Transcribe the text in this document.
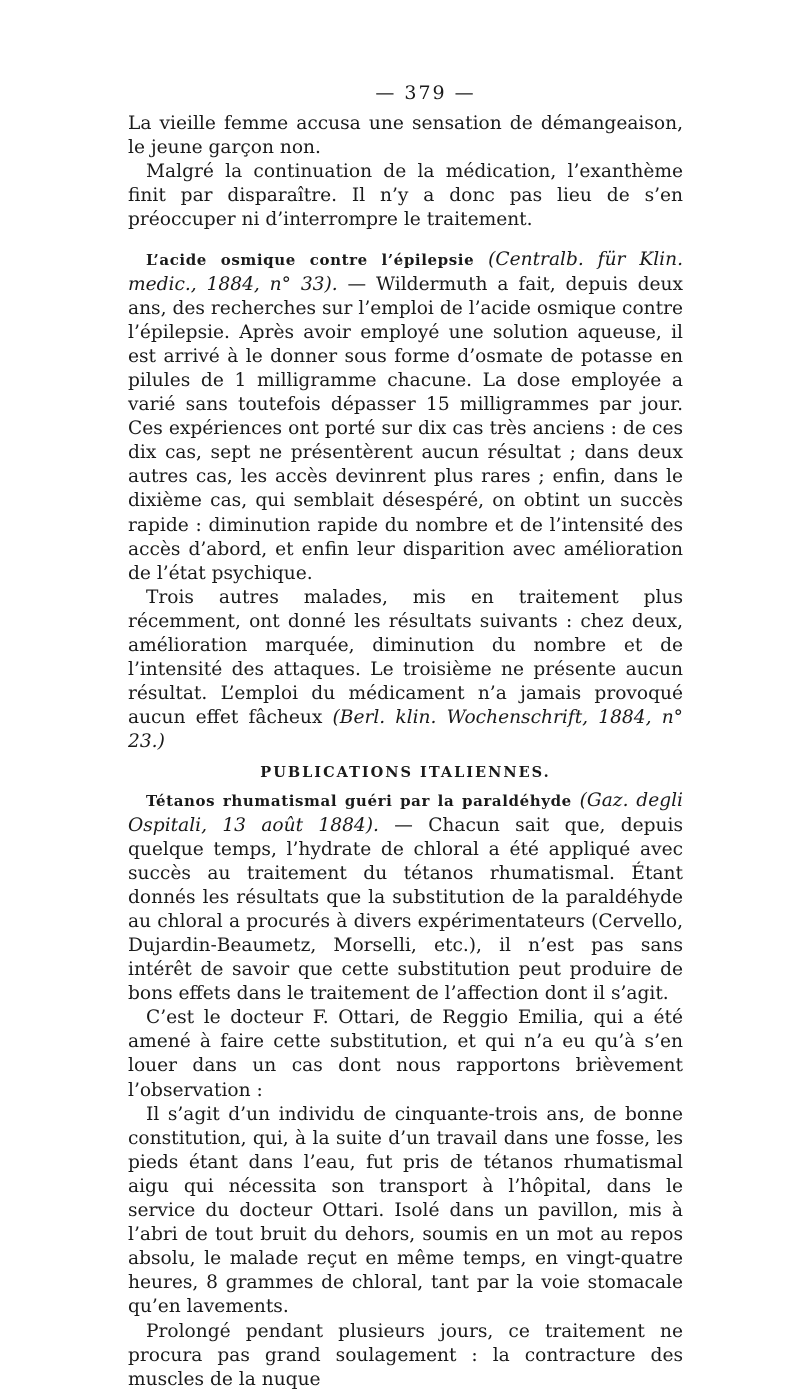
— 379 —

La vieille femme accusa une sensation de démangeaison, le jeune garçon non.

Malgré la continuation de la médication, l’exanthème finit par disparaître. Il n’y a donc pas lieu de s’en préoccuper ni d’interrompre le traitement.

L’acide osmique contre l’épilepsie (Centralb. für Klin. medic., 1884, n° 33). — Wildermuth a fait, depuis deux ans, des recherches sur l’emploi de l’acide osmique contre l’épilepsie. Après avoir employé une solution aqueuse, il est arrivé à le donner sous forme d’osmate de potasse en pilules de 1 milligramme chacune. La dose employée a varié sans toutefois dépasser 15 milligrammes par jour. Ces expériences ont porté sur dix cas très anciens : de ces dix cas, sept ne présentèrent aucun résultat ; dans deux autres cas, les accès devinrent plus rares ; enfin, dans le dixième cas, qui semblait désespéré, on obtint un succès rapide : diminution rapide du nombre et de l’intensité des accès d’abord, et enfin leur disparition avec amélioration de l’état psychique.

Trois autres malades, mis en traitement plus récemment, ont donné les résultats suivants : chez deux, amélioration marquée, diminution du nombre et de l’intensité des attaques. Le troisième ne présente aucun résultat. L’emploi du médicament n’a jamais provoqué aucun effet fâcheux (Berl. klin. Wochenschrift, 1884, n° 23.)

PUBLICATIONS ITALIENNES.

Tétanos rhumatismal guéri par la paraldéhyde (Gaz. degli Ospitali, 13 août 1884). — Chacun sait que, depuis quelque temps, l’hydrate de chloral a été appliqué avec succès au traitement du tétanos rhumatismal. Étant donnés les résultats que la substitution de la paraldéhyde au chloral a procurés à divers expérimentateurs (Cervello, Dujardin-Beaumetz, Morselli, etc.), il n’est pas sans intérêt de savoir que cette substitution peut produire de bons effets dans le traitement de l’affection dont il s’agit.

C’est le docteur F. Ottari, de Reggio Emilia, qui a été amené à faire cette substitution, et qui n’a eu qu’à s’en louer dans un cas dont nous rapportons brièvement l’observation :

Il s’agit d’un individu de cinquante-trois ans, de bonne constitution, qui, à la suite d’un travail dans une fosse, les pieds étant dans l’eau, fut pris de tétanos rhumatismal aigu qui nécessita son transport à l’hôpital, dans le service du docteur Ottari. Isolé dans un pavillon, mis à l’abri de tout bruit du dehors, soumis en un mot au repos absolu, le malade reçut en même temps, en vingt-quatre heures, 8 grammes de chloral, tant par la voie stomacale qu’en lavements.

Prolongé pendant plusieurs jours, ce traitement ne procura pas grand soulagement : la contracture des muscles de la nuque
